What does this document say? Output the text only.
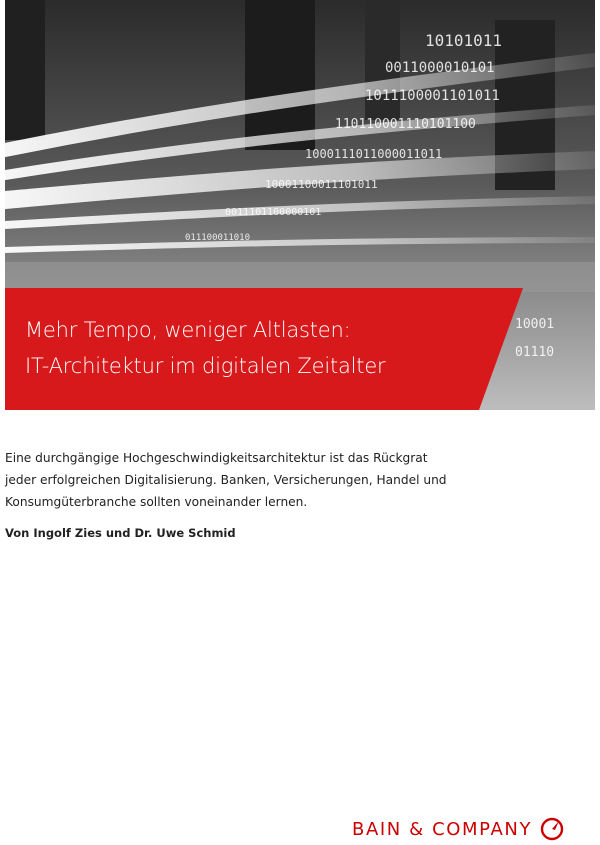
10101011
0011000010101
1011100001101011
110110001110101100
1000111011000011011
10001100011101011
0011101100000101
011100011010
10001
01110
Mehr Tempo, weniger Altlasten:
IT-Architektur im digitalen Zeitalter
Eine durchgängige Hochgeschwindigkeitsarchitektur ist das Rückgrat
jeder erfolgreichen Digitalisierung. Banken, Versicherungen, Handel und
Konsumgüterbranche sollten voneinander lernen.
Von Ingolf Zies und Dr. Uwe Schmid
BAIN & COMPANY
